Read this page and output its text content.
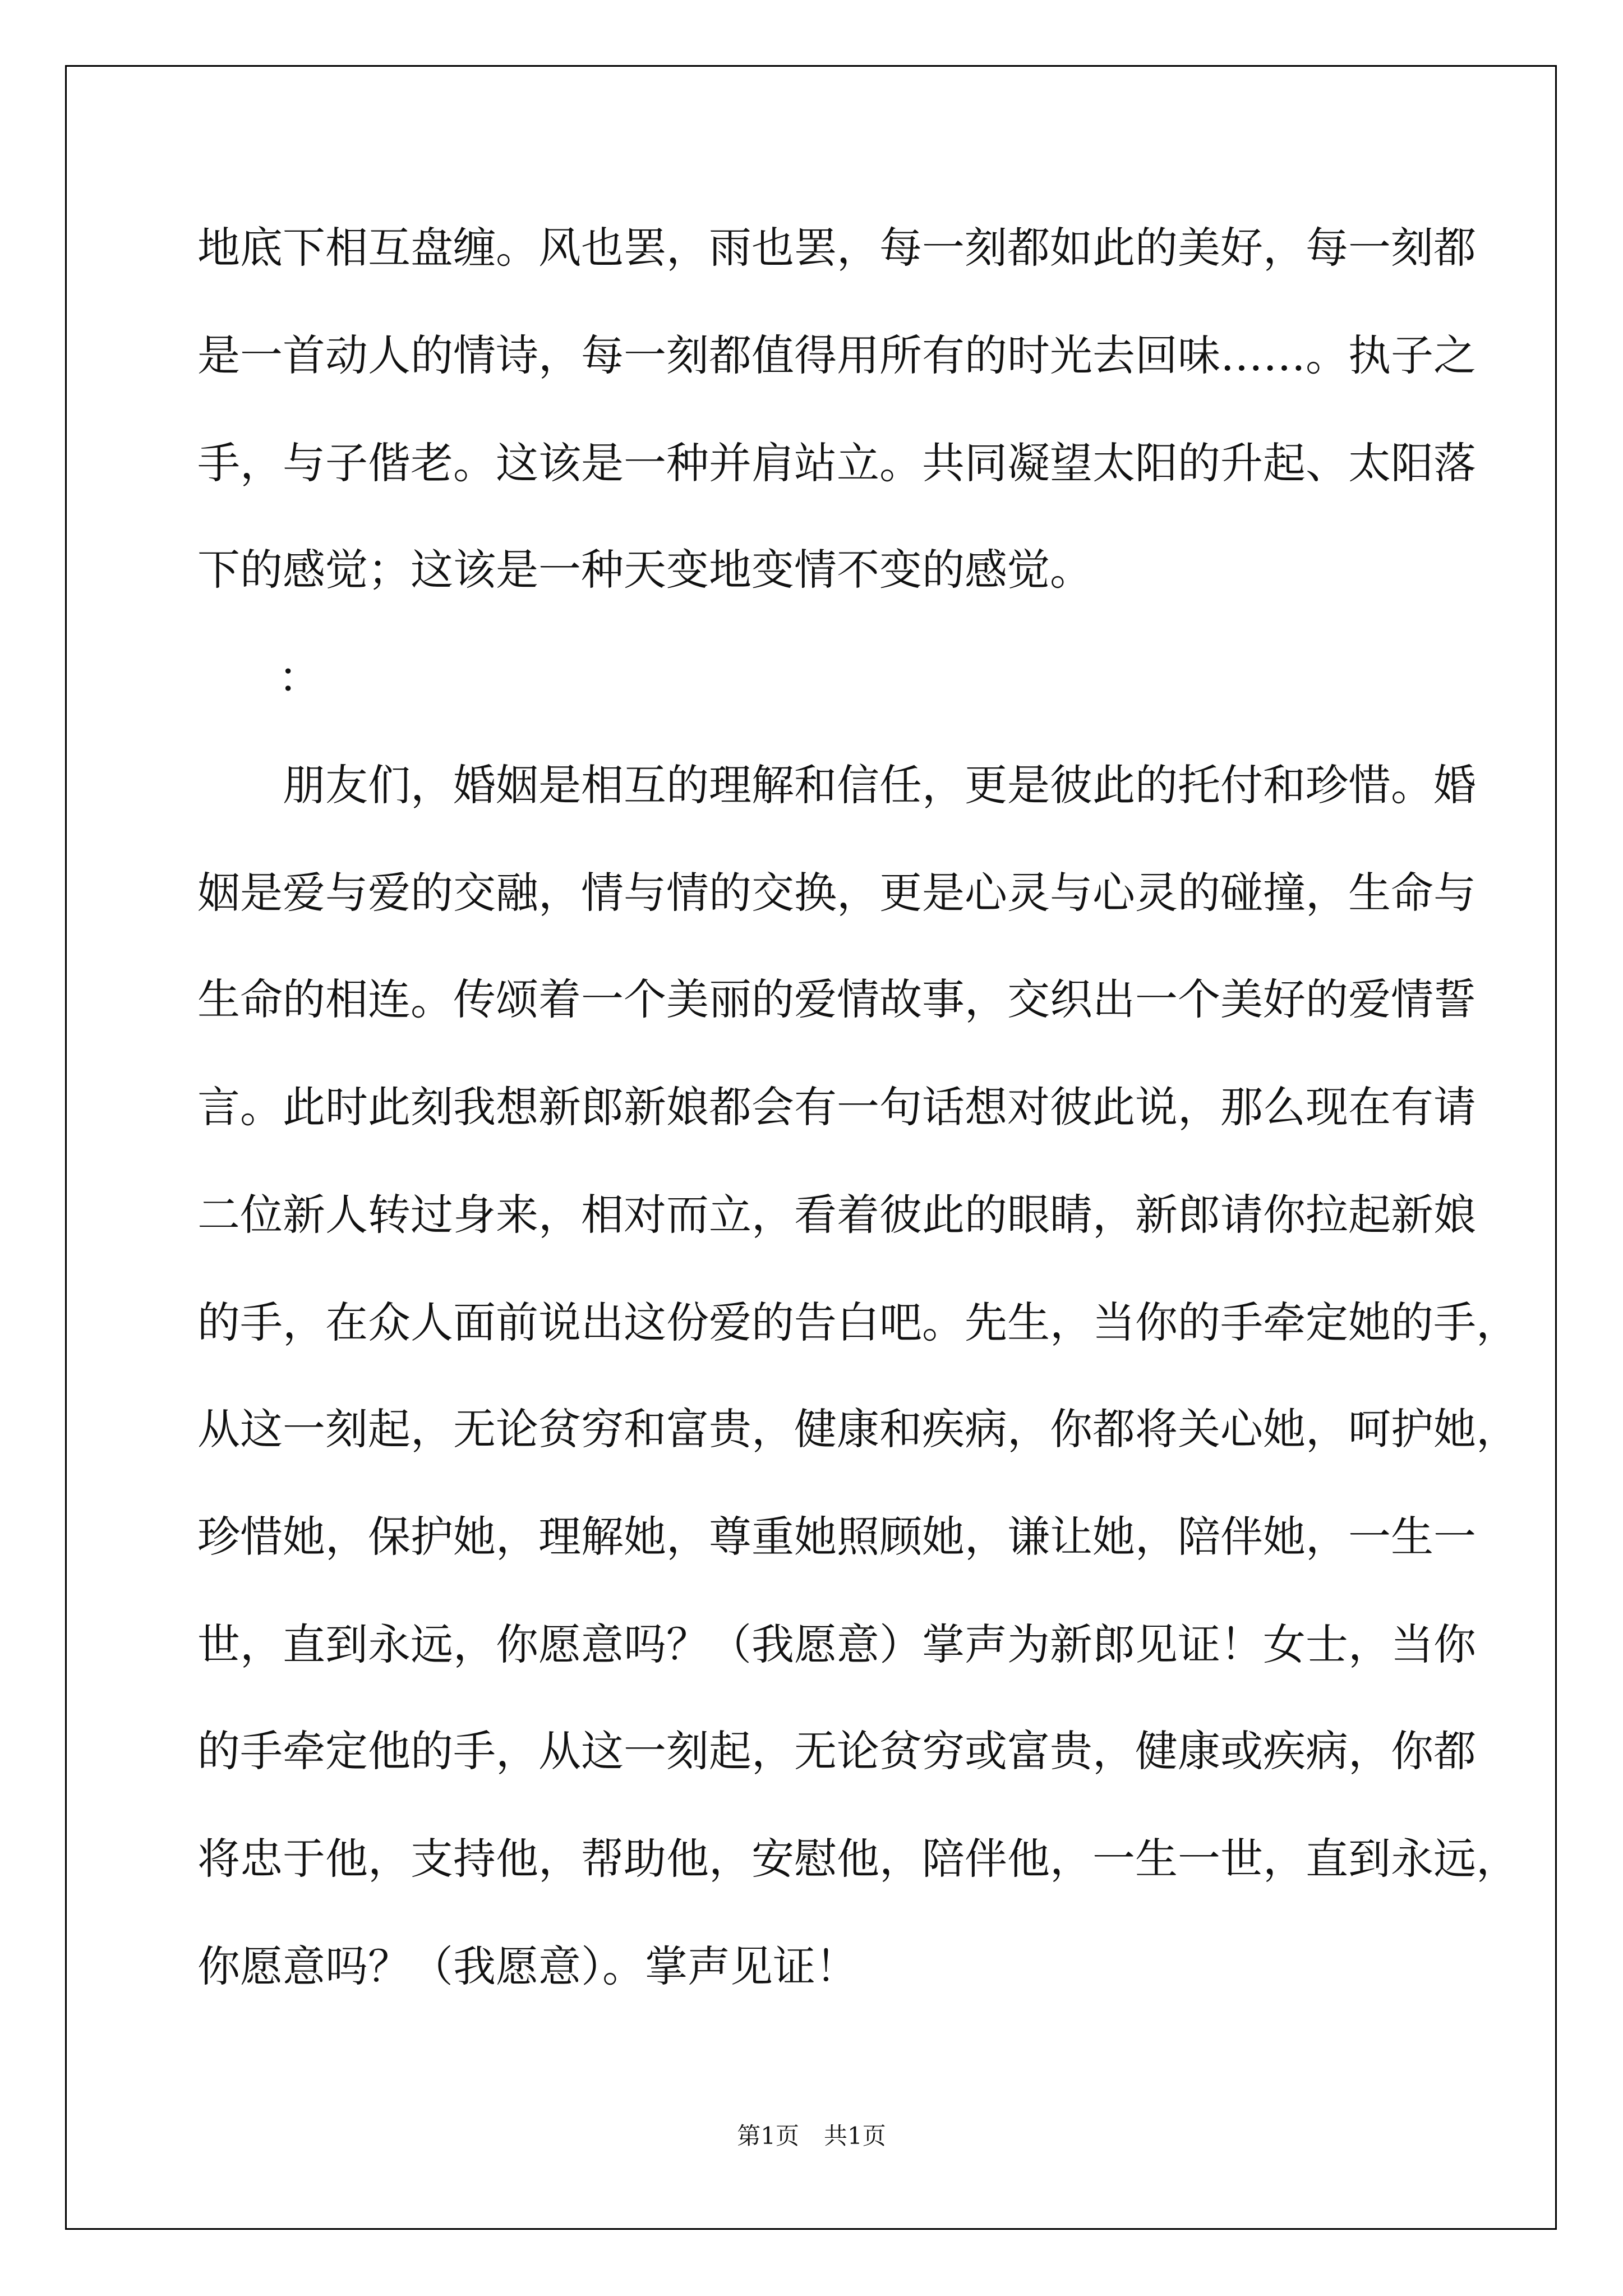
地底下相互盘缠。风也罢，雨也罢，每一刻都如此的美好，每一刻都

是一首动人的情诗，每一刻都值得用所有的时光去回味……。执子之

手，与子偕老。这该是一种并肩站立。共同凝望太阳的升起、太阳落

下的感觉；这该是一种天变地变情不变的感觉。

：

朋友们，婚姻是相互的理解和信任，更是彼此的托付和珍惜。婚

姻是爱与爱的交融，情与情的交换，更是心灵与心灵的碰撞，生命与

生命的相连。传颂着一个美丽的爱情故事，交织出一个美好的爱情誓

言。此时此刻我想新郎新娘都会有一句话想对彼此说，那么现在有请

二位新人转过身来，相对而立，看着彼此的眼睛，新郎请你拉起新娘

的手，在众人面前说出这份爱的告白吧。先生，当你的手牵定她的手，

从这一刻起，无论贫穷和富贵，健康和疾病，你都将关心她，呵护她，

珍惜她，保护她，理解她，尊重她照顾她，谦让她，陪伴她，一生一

世，直到永远，你愿意吗？（我愿意）掌声为新郎见证！女士，当你

的手牵定他的手，从这一刻起，无论贫穷或富贵，健康或疾病，你都

将忠于他，支持他，帮助他，安慰他，陪伴他，一生一世，直到永远，

你愿意吗？（我愿意）。掌声见证！

第1页 共1页
